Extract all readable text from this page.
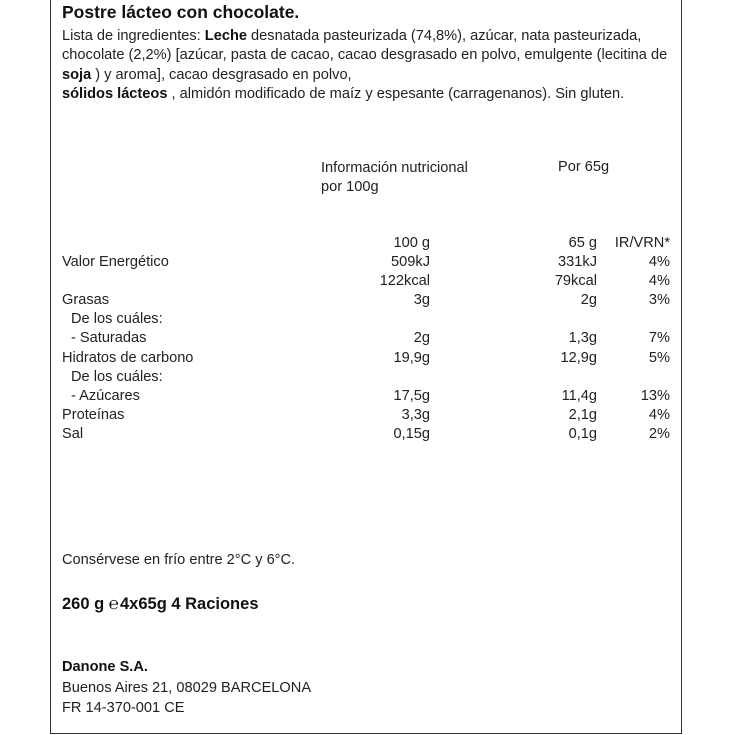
Postre lácteo con chocolate.
Lista de ingredientes: Leche desnatada pasteurizada (74,8%), azúcar, nata pasteurizada, chocolate (2,2%) [azúcar, pasta de cacao, cacao desgrasado en polvo, emulgente (lecitina de soja ) y aroma], cacao desgrasado en polvo,
sólidos lácteos , almidón modificado de maíz y espesante (carragenanos). Sin gluten.
Información nutricional
por 100g
Por 65g
100 g	65 g IR/VRN*
Valor Energético	509kJ	331kJ	4%
122kcal	79kcal	4%
Grasas	3g	2g	3%
De los cuáles:
- Saturadas	2g	1,3g	7%
Hidratos de carbono	19,9g	12,9g	5%
De los cuáles:
- Azúcares	17,5g	11,4g	13%
Proteínas	3,3g	2,1g	4%
Sal	0,15g	0,1g	2%
Consérvese en frío entre 2°C y 6°C.
260 g ℮4x65g 4 Raciones
Danone S.A.
Buenos Aires 21, 08029 BARCELONA
FR 14-370-001 CE
